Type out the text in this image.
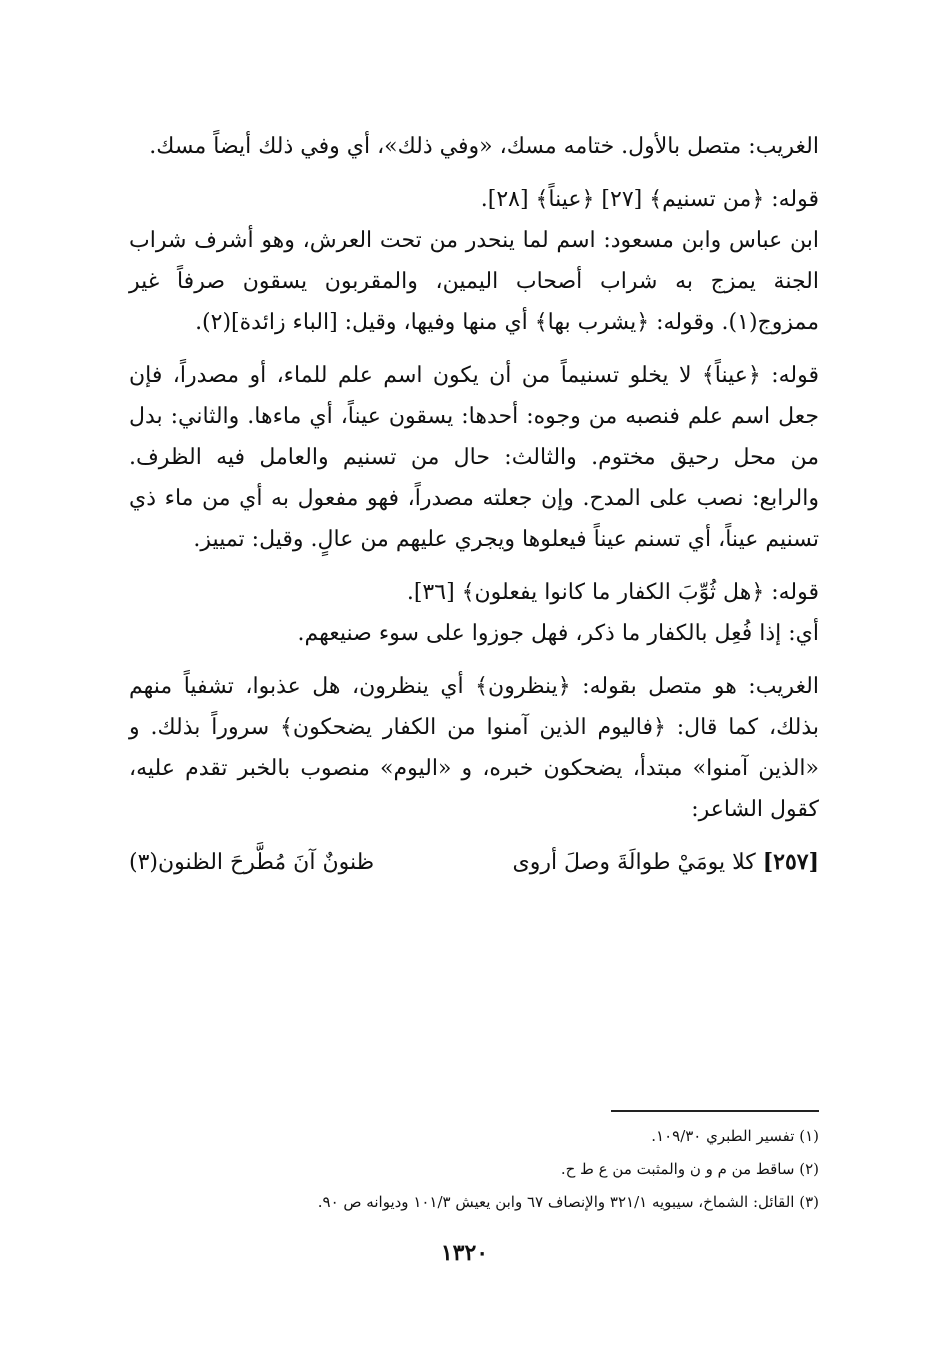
الغريب: متصل بالأول. ختامه مسك، «وفي ذلك»، أي وفي ذلك أيضاً مسك.

قوله: ﴿من تسنيم﴾ [٢٧] ﴿عيناً﴾ [٢٨].
ابن عباس وابن مسعود: اسم لما ينحدر من تحت العرش، وهو أشرف شراب الجنة يمزج به شراب أصحاب اليمين، والمقربون يسقون صرفاً غير ممزوج(١). وقوله: ﴿يشرب بها﴾ أي منها وفيها، وقيل: [الباء زائدة](٢).

قوله: ﴿عيناً﴾ لا يخلو تسنيماً من أن يكون اسم علم للماء، أو مصدراً، فإن جعل اسم علم فنصبه من وجوه: أحدها: يسقون عيناً، أي ماءها. والثاني: بدل من محل رحيق مختوم. والثالث: حال من تسنيم والعامل فيه الظرف. والرابع: نصب على المدح. وإن جعلته مصدراً، فهو مفعول به أي من ماء ذي تسنيم عيناً، أي تسنم عيناً فيعلوها ويجري عليهم من عالٍ. وقيل: تمييز.

قوله: ﴿هل ثُوِّبَ الكفار ما كانوا يفعلون﴾ [٣٦].
أي: إذا فُعِل بالكفار ما ذكر، فهل جوزوا على سوء صنيعهم.

الغريب: هو متصل بقوله: ﴿ينظرون﴾ أي ينظرون، هل عذبوا، تشفياً منهم بذلك، كما قال: ﴿فاليوم الذين آمنوا من الكفار يضحكون﴾ سروراً بذلك. و «الذين آمنوا» مبتدأ، يضحكون خبره، و «اليوم» منصوب بالخبر تقدم عليه، كقول الشاعر:

[٢٥٧] كلا يومَيْ طوالَةَ وصلَ أروى
ظنونٌ آنَ مُطَّرحَ الظنون(٣)

(١) تفسير الطبري ١٠٩/٣٠.

(٢) ساقط من م و ن والمثبت من ع ط ح.

(٣) القائل: الشماخ، سيبويه ٣٢١/١ والإنصاف ٦٧ وابن يعيش ١٠١/٣ وديوانه ص ٩٠.

١٣٢٠
